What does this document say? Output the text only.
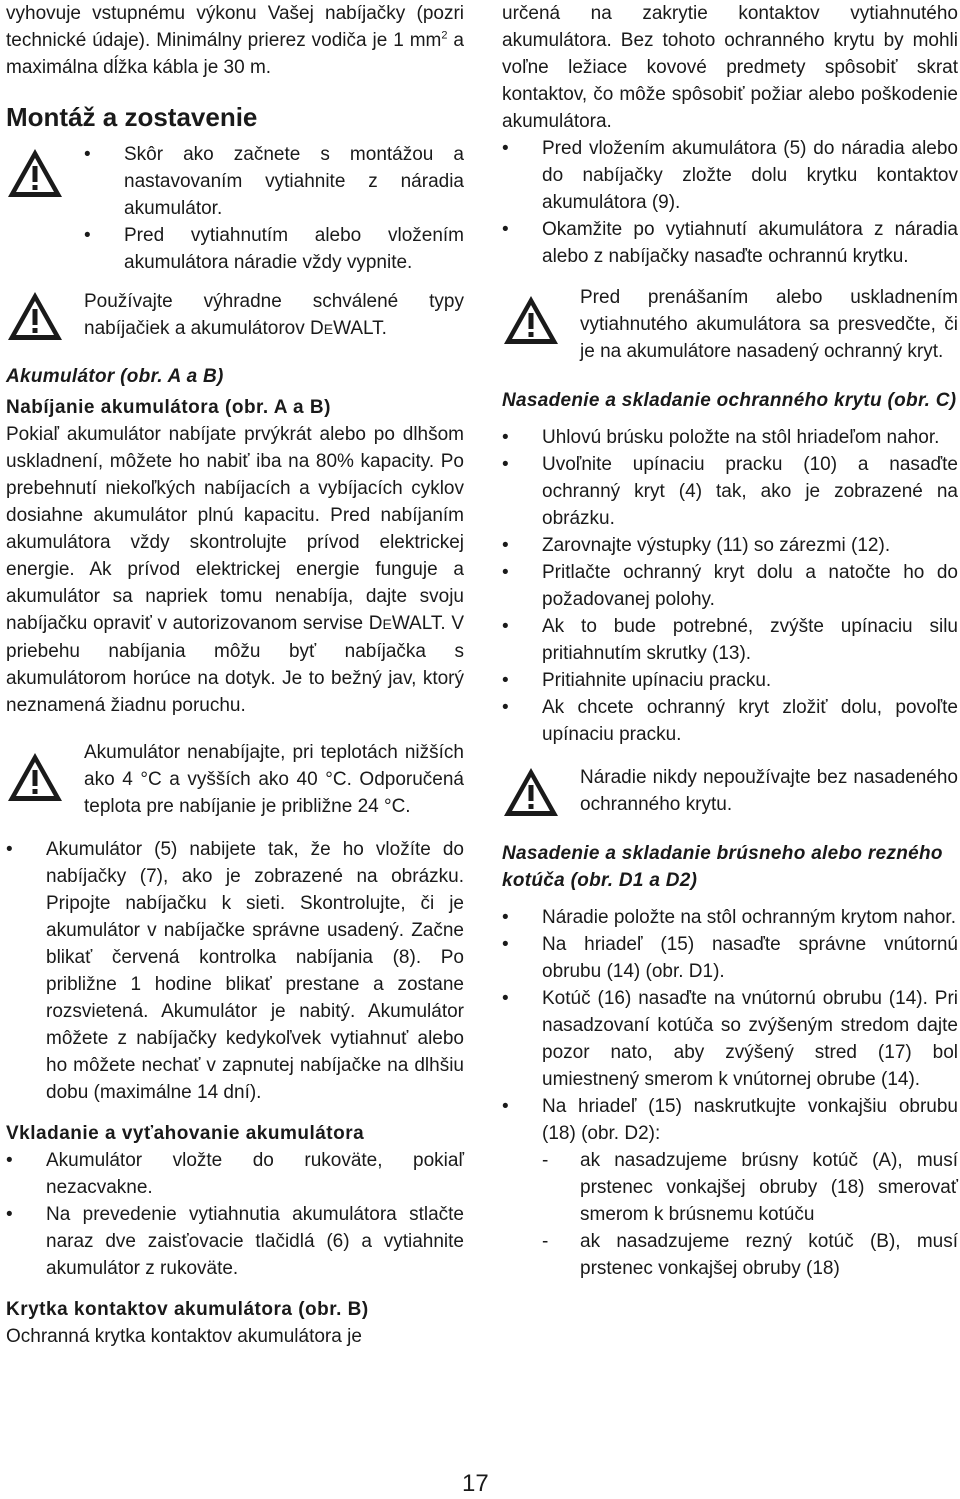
vyhovuje vstupnému výkonu Vašej nabíjačky (pozri technické údaje). Minimálny prierez vodiča je 1 $mm^2$ a maximálna dĺžka kábla je 30 m.

Montáž a zostavenie
• Skôr ako začnete s montážou a nastavovaním vytiahnite z náradia akumulátor.
• Pred vytiahnutím alebo vložením akumulátora náradie vždy vypnite.

Používajte výhradne schválené typy nabíjačiek a akumulátorov DEWALT.

Akumulátor (obr. A a B)
Nabíjanie akumulátora (obr. A a B)

Pokiaľ akumulátor nabíjate prvýkrát alebo po dlhšom uskladnení, môžete ho nabiť iba na 80% kapacity. Po prebehnutí niekoľkých nabíjacích a vybíjacích cyklov dosiahne akumulátor plnú kapacitu. Pred nabíjaním akumulátora vždy skontrolujte prívod elektrickej energie. Ak prívod elektrickej energie funguje a akumulátor sa napriek tomu nenabíja, dajte svoju nabíjačku opraviť v autorizovanom servise DEWALT. V priebehu nabíjania môžu byť nabíjačka s akumulátorom horúce na dotyk. Je to bežný jav, ktorý neznamená žiadnu poruchu.

Akumulátor nenabíjajte, pri teplotách nižších ako 4 °C a vyšších ako 40 °C. Odporučená teplota pre nabíjanie je približne 24 °C.

• Akumulátor (5) nabijete tak, že ho vložíte do nabíjačky (7), ako je zobrazené na obrázku. Pripojte nabíjačku k sieti. Skontrolujte, či je akumulátor v nabíjačke správne usadený. Začne blikať červená kontrolka nabíjania (8). Po približne 1 hodine blikať prestane a zostane rozsvietená. Akumulátor je nabitý. Akumulátor môžete z nabíjačky kedykoľvek vytiahnuť alebo ho môžete nechať v zapnutej nabíjačke na dlhšiu dobu (maximálne 14 dní).
Vkladanie a vyťahovanie akumulátora
• Akumulátor vložte do rukoväte, pokiaľ nezacvakne.
• Na prevedenie vytiahnutia akumulátora stlačte naraz dve zaisťovacie tlačidlá (6) a vytiahnite akumulátor z rukoväte.
Krytka kontaktov akumulátora (obr. B)

Ochranná krytka kontaktov akumulátora je

určená na zakrytie kontaktov vytiahnutého akumulátora. Bez tohoto ochranného krytu by mohli voľne ležiace kovové predmety spôsobiť skrat kontaktov, čo môže spôsobiť požiar alebo poškodenie akumulátora.

• Pred vložením akumulátora (5) do náradia alebo do nabíjačky zložte dolu krytku kontaktov akumulátora (9).
• Okamžite po vytiahnutí akumulátora z náradia alebo z nabíjačky nasaďte ochrannú krytku.

Pred prenášaním alebo uskladnením vytiahnutého akumulátora sa presvedčte, či je na akumulátore nasadený ochranný kryt.

Nasadenie a skladanie ochranného krytu (obr. C)
• Uhlovú brúsku položte na stôl hriadeľom nahor.
• Uvoľnite upínaciu pracku (10) a nasaďte ochranný kryt (4) tak, ako je zobrazené na obrázku.
• Zarovnajte výstupky (11) so zárezmi (12).
• Pritlačte ochranný kryt dolu a natočte ho do požadovanej polohy.
• Ak to bude potrebné, zvýšte upínaciu silu pritiahnutím skrutky (13).
• Pritiahnite upínaciu pracku.
• Ak chcete ochranný kryt zložiť dolu, povoľte upínaciu pracku.

Náradie nikdy nepoužívajte bez nasadeného ochranného krytu.

Nasadenie a skladanie brúsneho alebo rezného kotúča (obr. D1 a D2)
• Náradie položte na stôl ochranným krytom nahor.
• Na hriadeľ (15) nasaďte správne vnútornú obrubu (14) (obr. D1).
• Kotúč (16) nasaďte na vnútornú obrubu (14). Pri nasadzovaní kotúča so zvýšeným stredom dajte pozor nato, aby zvýšený stred (17) bol umiestnený smerom k vnútornej obrube (14).
• Na hriadeľ (15) naskrutkujte vonkajšiu obrubu (18) (obr. D2):
- ak nasadzujeme brúsny kotúč (A), musí prstenec vonkajšej obruby (18) smerovať smerom k brúsnemu kotúču
- ak nasadzujeme rezný kotúč (B), musí prstenec vonkajšej obruby (18)
17
